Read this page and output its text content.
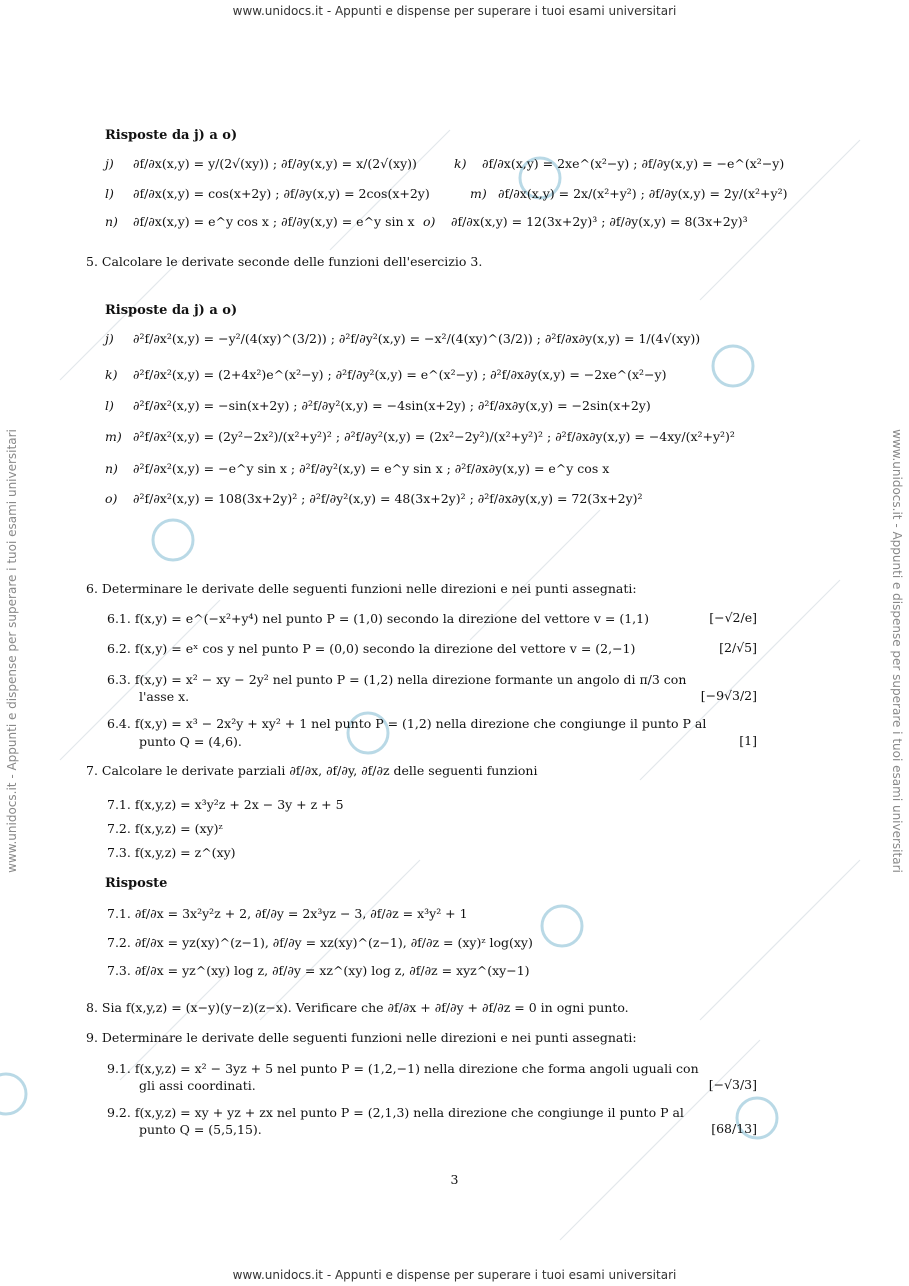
www.unidocs.it - Appunti e dispense per superare i tuoi esami universitari
www.unidocs.it - Appunti e dispense per superare i tuoi esami universitari
www.unidocs.it - Appunti e dispense per superare i tuoi esami universitari	www.unidocs.it - Appunti e dispense per superare i tuoi esami universitari
Risposte da j) a o)
j) ∂f/∂x(x,y) = y/(2√(xy)) ; ∂f/∂y(x,y) = x/(2√(xy))	k) ∂f/∂x(x,y) = 2xe^(x²−y) ; ∂f/∂y(x,y) = −e^(x²−y)
l) ∂f/∂x(x,y) = cos(x+2y) ; ∂f/∂y(x,y) = 2cos(x+2y)	m) ∂f/∂x(x,y) = 2x/(x²+y²) ; ∂f/∂y(x,y) = 2y/(x²+y²)
n) ∂f/∂x(x,y) = e^y cos x ; ∂f/∂y(x,y) = e^y sin x o) ∂f/∂x(x,y) = 12(3x+2y)³ ; ∂f/∂y(x,y) = 8(3x+2y)³
5. Calcolare le derivate seconde delle funzioni dell'esercizio 3.
Risposte da j) a o)
j) ∂²f/∂x²(x,y) = −y²/(4(xy)^(3/2)) ; ∂²f/∂y²(x,y) = −x²/(4(xy)^(3/2)) ; ∂²f/∂x∂y(x,y) = 1/(4√(xy))
k) ∂²f/∂x²(x,y) = (2+4x²)e^(x²−y) ; ∂²f/∂y²(x,y) = e^(x²−y) ; ∂²f/∂x∂y(x,y) = −2xe^(x²−y)
l) ∂²f/∂x²(x,y) = −sin(x+2y) ; ∂²f/∂y²(x,y) = −4sin(x+2y) ; ∂²f/∂x∂y(x,y) = −2sin(x+2y)
m) ∂²f/∂x²(x,y) = (2y²−2x²)/(x²+y²)² ; ∂²f/∂y²(x,y) = (2x²−2y²)/(x²+y²)² ; ∂²f/∂x∂y(x,y) = −4xy/(x²+y²)²
n) ∂²f/∂x²(x,y) = −e^y sin x ; ∂²f/∂y²(x,y) = e^y sin x ; ∂²f/∂x∂y(x,y) = e^y cos x
o) ∂²f/∂x²(x,y) = 108(3x+2y)² ; ∂²f/∂y²(x,y) = 48(3x+2y)² ; ∂²f/∂x∂y(x,y) = 72(3x+2y)²
6. Determinare le derivate delle seguenti funzioni nelle direzioni e nei punti assegnati:
6.1. f(x,y) = e^(−x²+y⁴) nel punto P = (1,0) secondo la direzione del vettore v = (1,1)	[−√2/e]
6.2. f(x,y) = eˣ cos y nel punto P = (0,0) secondo la direzione del vettore v = (2,−1)	[2/√5]
6.3. f(x,y) = x² − xy − 2y² nel punto P = (1,2) nella direzione formante un angolo di π/3 con
l'asse x.	[−9√3/2]
6.4. f(x,y) = x³ − 2x²y + xy² + 1 nel punto P = (1,2) nella direzione che congiunge il punto P al
punto Q = (4,6).	[1]
7. Calcolare le derivate parziali ∂f/∂x, ∂f/∂y, ∂f/∂z delle seguenti funzioni
7.1. f(x,y,z) = x³y²z + 2x − 3y + z + 5
7.2. f(x,y,z) = (xy)ᶻ
7.3. f(x,y,z) = z^(xy)
Risposte
7.1. ∂f/∂x = 3x²y²z + 2, ∂f/∂y = 2x³yz − 3, ∂f/∂z = x³y² + 1
7.2. ∂f/∂x = yz(xy)^(z−1), ∂f/∂y = xz(xy)^(z−1), ∂f/∂z = (xy)ᶻ log(xy)
7.3. ∂f/∂x = yz^(xy) log z, ∂f/∂y = xz^(xy) log z, ∂f/∂z = xyz^(xy−1)
8. Sia f(x,y,z) = (x−y)(y−z)(z−x). Verificare che ∂f/∂x + ∂f/∂y + ∂f/∂z = 0 in ogni punto.
9. Determinare le derivate delle seguenti funzioni nelle direzioni e nei punti assegnati:
9.1. f(x,y,z) = x² − 3yz + 5 nel punto P = (1,2,−1) nella direzione che forma angoli uguali con
gli assi coordinati.	[−√3/3]
9.2. f(x,y,z) = xy + yz + zx nel punto P = (2,1,3) nella direzione che congiunge il punto P al
punto Q = (5,5,15).	[68/13]
3
